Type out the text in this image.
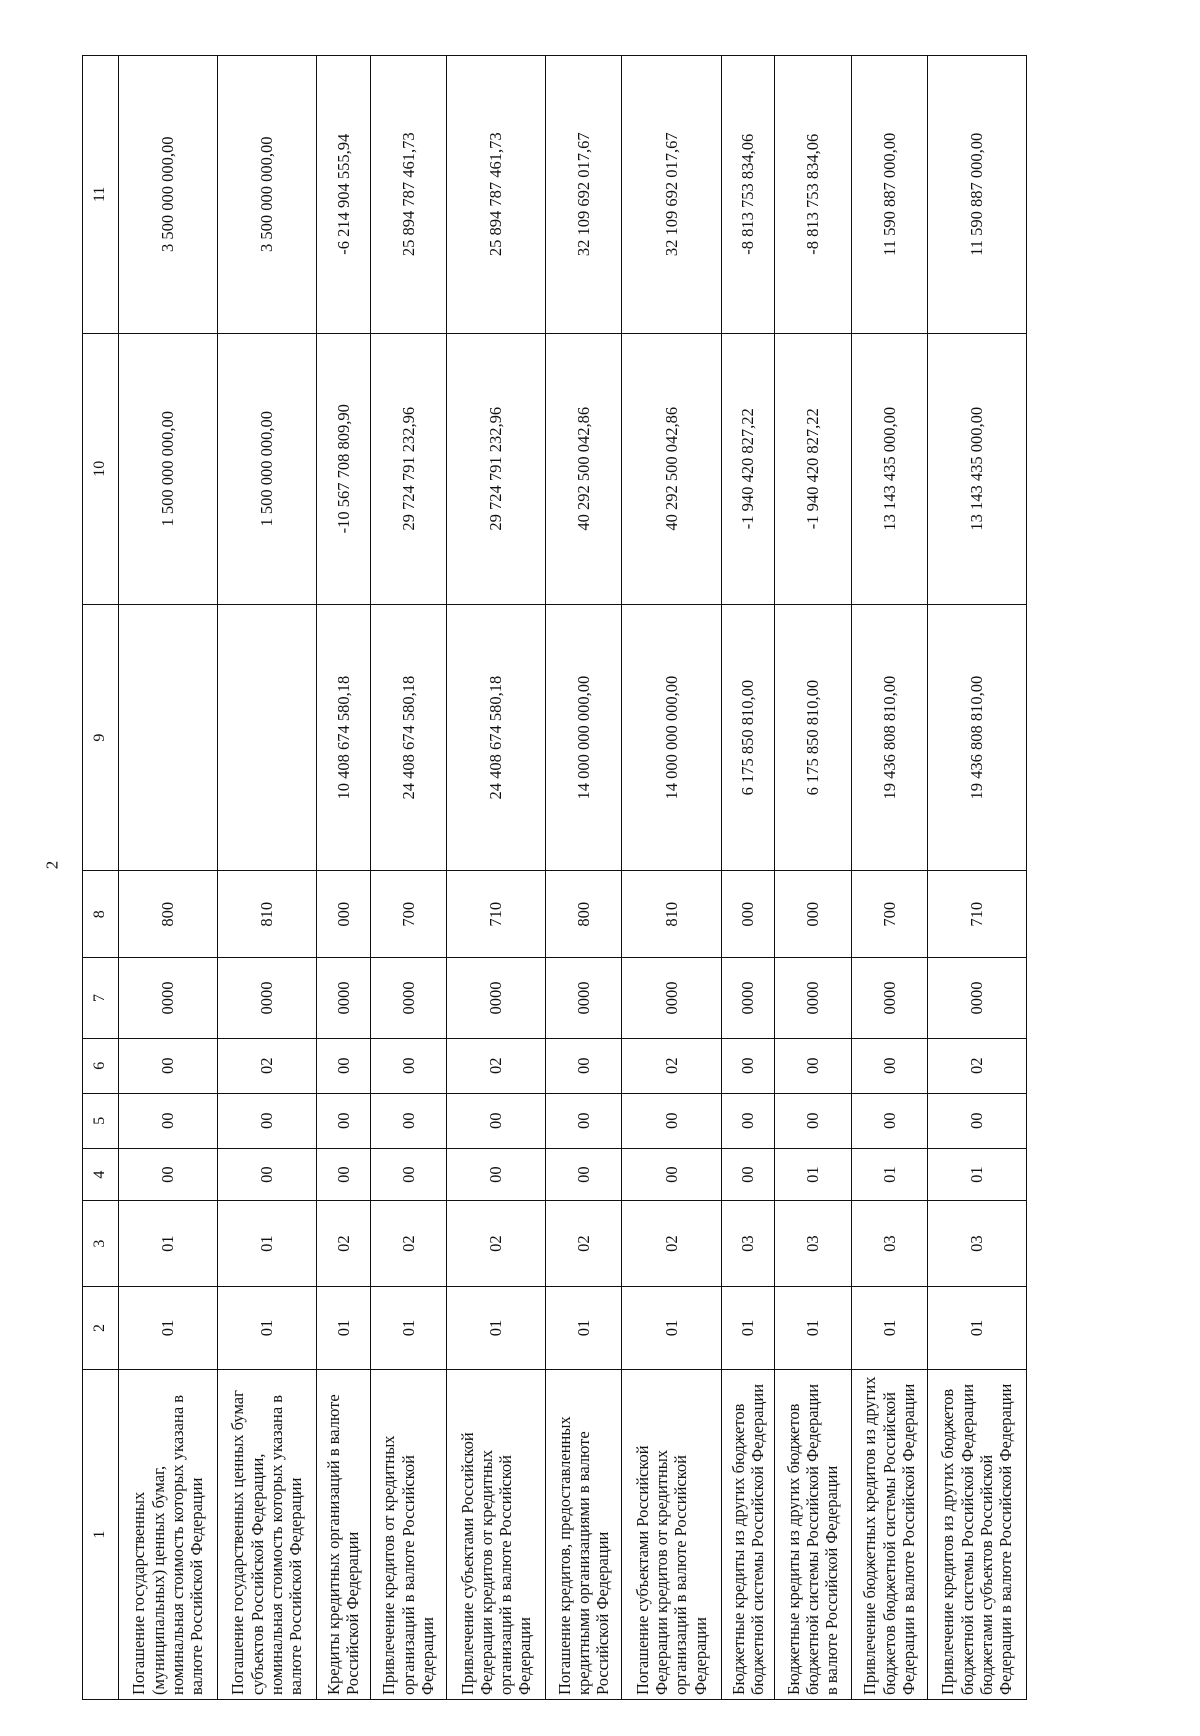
2
1	2	3	4	5	6	7	8	9	10	11
Погашение государственных (муниципальных) ценных бумаг, номинальная стоимость которых указана в валюте Российской Федерации	01	01	00	00	00	0000	800		1 500 000 000,00	3 500 000 000,00
Погашение государственных ценных бумаг субъектов Российской Федерации, номинальная стоимость которых указана в валюте Российской Федерации	01	01	00	00	02	0000	810		1 500 000 000,00	3 500 000 000,00
Кредиты кредитных организаций в валюте Российской Федерации	01	02	00	00	00	0000	000	10 408 674 580,18	-10 567 708 809,90	-6 214 904 555,94
Привлечение кредитов от кредитных организаций в валюте Российской Федерации	01	02	00	00	00	0000	700	24 408 674 580,18	29 724 791 232,96	25 894 787 461,73
Привлечение субъектами Российской Федерации кредитов от кредитных организаций в валюте Российской Федерации	01	02	00	00	02	0000	710	24 408 674 580,18	29 724 791 232,96	25 894 787 461,73
Погашение кредитов, предоставленных кредитными организациями в валюте Российской Федерации	01	02	00	00	00	0000	800	14 000 000 000,00	40 292 500 042,86	32 109 692 017,67
Погашение субъектами Российской Федерации кредитов от кредитных организаций в валюте Российской Федерации	01	02	00	00	02	0000	810	14 000 000 000,00	40 292 500 042,86	32 109 692 017,67
Бюджетные кредиты из других бюджетов бюджетной системы Российской Федерации	01	03	00	00	00	0000	000	6 175 850 810,00	-1 940 420 827,22	-8 813 753 834,06
Бюджетные кредиты из других бюджетов бюджетной системы Российской Федерации в валюте Российской Федерации	01	03	01	00	00	0000	000	6 175 850 810,00	-1 940 420 827,22	-8 813 753 834,06
Привлечение бюджетных кредитов из других бюджетов бюджетной системы Российской Федерации в валюте Российской Федерации	01	03	01	00	00	0000	700	19 436 808 810,00	13 143 435 000,00	11 590 887 000,00
Привлечение кредитов из других бюджетов бюджетной системы Российской Федерации бюджетами субъектов Российской Федерации в валюте Российской Федерации	01	03	01	00	02	0000	710	19 436 808 810,00	13 143 435 000,00	11 590 887 000,00
